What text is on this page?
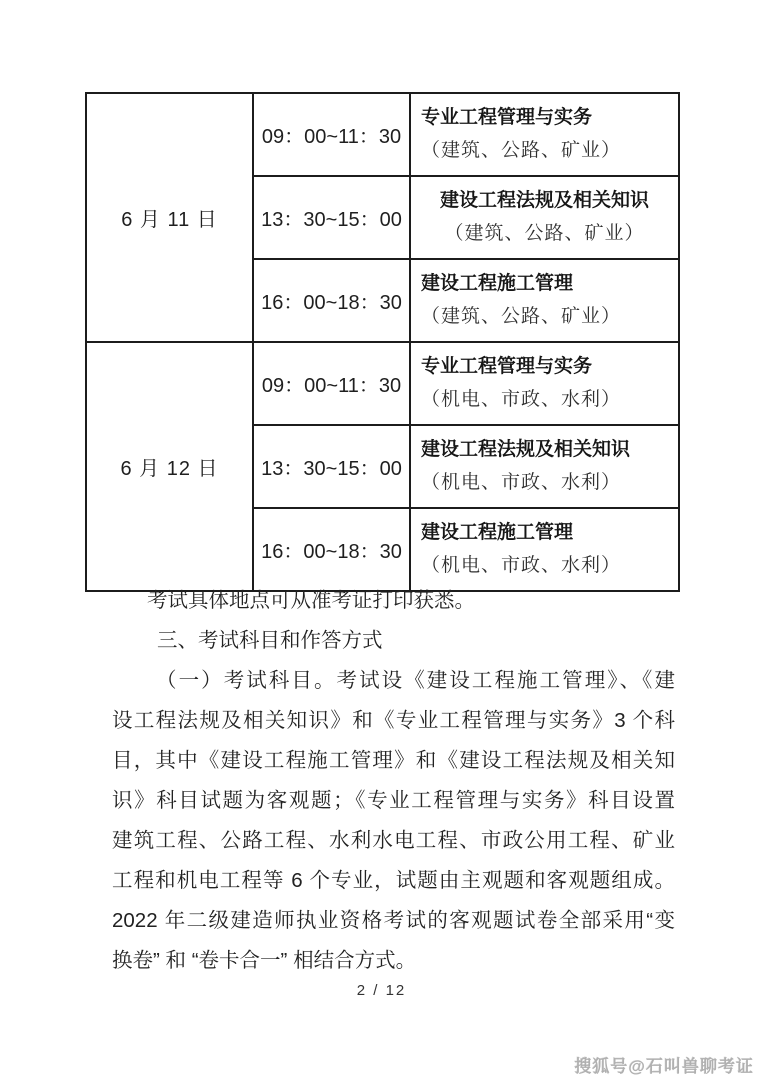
6 月 11 日	09：00~11：30	专业工程管理与实务
（建筑、公路、矿业）

	13：30~15：00	建设工程法规及相关知识
（建筑、公路、矿业）

	16：00~18：30	建设工程施工管理
（建筑、公路、矿业）

6 月 12 日	09：00~11：30	专业工程管理与实务
（机电、市政、水利）

	13：30~15：00	建设工程法规及相关知识
（机电、市政、水利）

	16：00~18：30	建设工程施工管理
（机电、市政、水利）
考试具体地点可从准考证打印获悉。
三、考试科目和作答方式
（一）考试科目。考试设《建设工程施工管理》、《建
设工程法规及相关知识》和《专业工程管理与实务》3 个科
目，其中《建设工程施工管理》和《建设工程法规及相关知
识》科目试题为客观题；《专业工程管理与实务》科目设置
建筑工程、公路工程、水利水电工程、市政公用工程、矿业
工程和机电工程等 6 个专业，试题由主观题和客观题组成。
2022 年二级建造师执业资格考试的客观题试卷全部采用“变
换卷” 和 “卷卡合一” 相结合方式。
2 / 12
搜狐号@石叫兽聊考证
